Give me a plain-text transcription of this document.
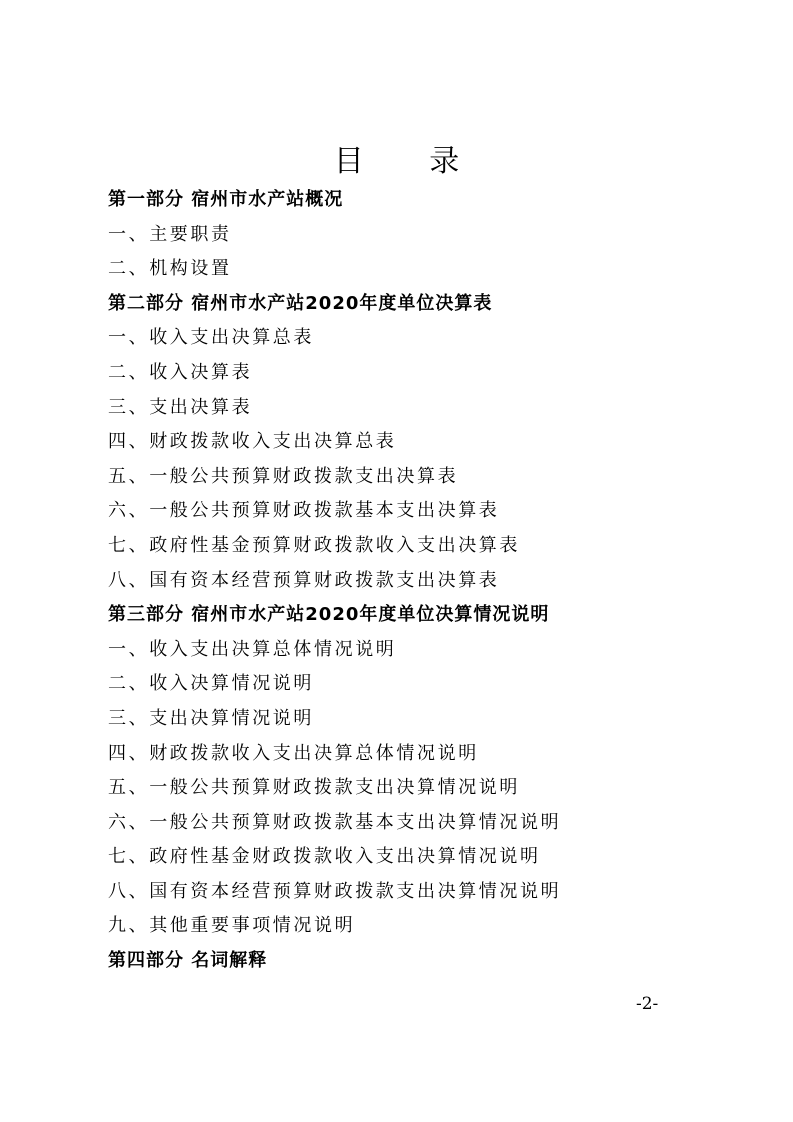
目 录
第一部分 宿州市水产站概况
一、主要职责
二、机构设置
第二部分 宿州市水产站2020年度单位决算表
一、收入支出决算总表
二、收入决算表
三、支出决算表
四、财政拨款收入支出决算总表
五、一般公共预算财政拨款支出决算表
六、一般公共预算财政拨款基本支出决算表
七、政府性基金预算财政拨款收入支出决算表
八、国有资本经营预算财政拨款支出决算表
第三部分 宿州市水产站2020年度单位决算情况说明
一、收入支出决算总体情况说明
二、收入决算情况说明
三、支出决算情况说明
四、财政拨款收入支出决算总体情况说明
五、一般公共预算财政拨款支出决算情况说明
六、一般公共预算财政拨款基本支出决算情况说明
七、政府性基金财政拨款收入支出决算情况说明
八、国有资本经营预算财政拨款支出决算情况说明
九、其他重要事项情况说明
第四部分 名词解释
-2-
